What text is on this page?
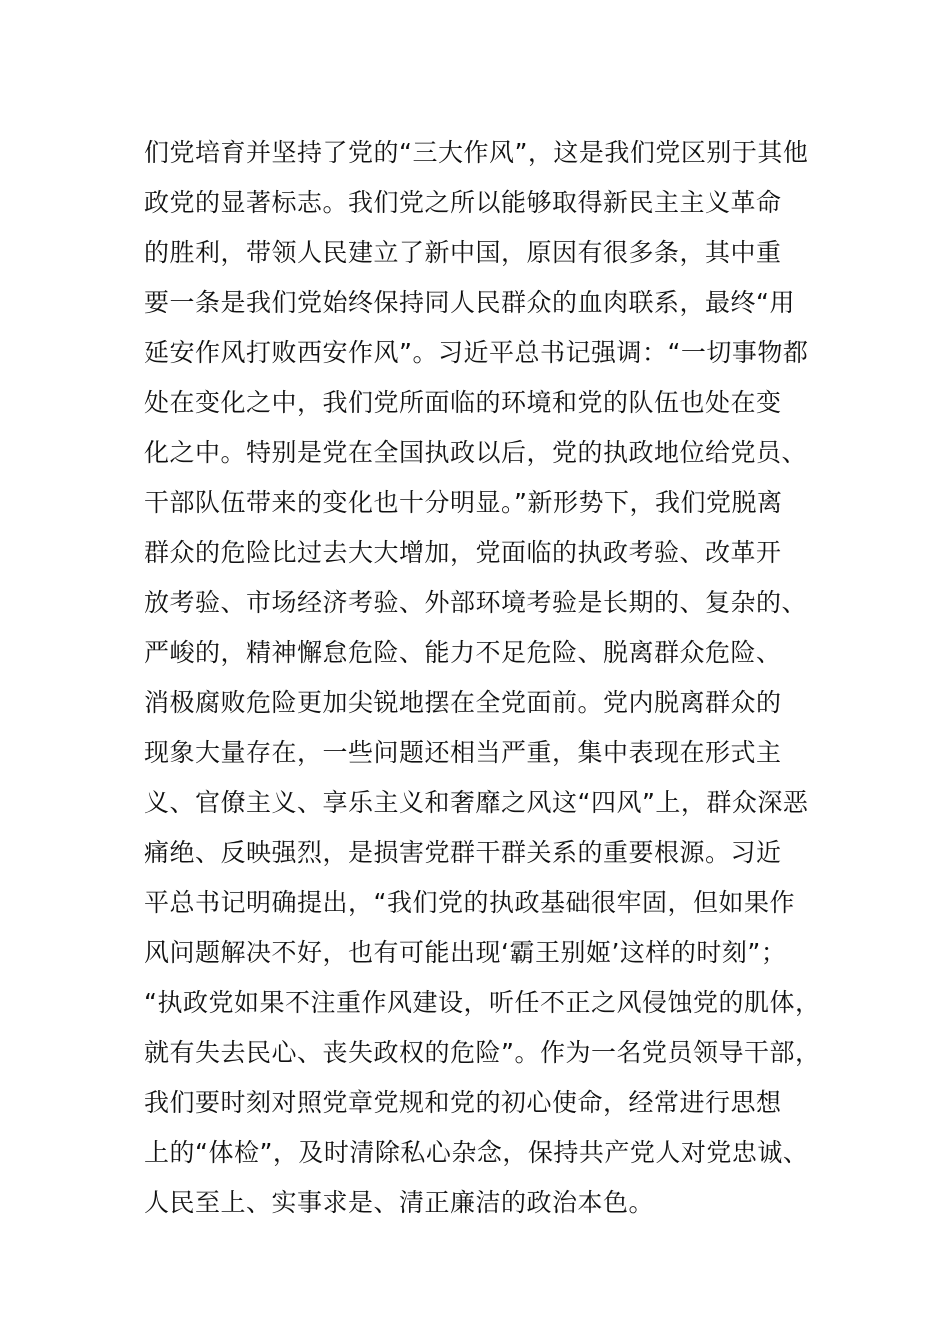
们党培育并坚持了党的“三大作风”，这是我们党区别于其他
政党的显著标志。我们党之所以能够取得新民主主义革命
的胜利，带领人民建立了新中国，原因有很多条，其中重
要一条是我们党始终保持同人民群众的血肉联系，最终“用
延安作风打败西安作风”。习近平总书记强调：“一切事物都
处在变化之中，我们党所面临的环境和党的队伍也处在变
化之中。特别是党在全国执政以后，党的执政地位给党员、
干部队伍带来的变化也十分明显。”新形势下，我们党脱离
群众的危险比过去大大增加，党面临的执政考验、改革开
放考验、市场经济考验、外部环境考验是长期的、复杂的、
严峻的，精神懈怠危险、能力不足危险、脱离群众危险、
消极腐败危险更加尖锐地摆在全党面前。党内脱离群众的
现象大量存在，一些问题还相当严重，集中表现在形式主
义、官僚主义、享乐主义和奢靡之风这“四风”上，群众深恶
痛绝、反映强烈，是损害党群干群关系的重要根源。习近
平总书记明确提出，“我们党的执政基础很牢固，但如果作
风问题解决不好，也有可能出现‘霸王别姬’这样的时刻”；
“执政党如果不注重作风建设，听任不正之风侵蚀党的肌体，
就有失去民心、丧失政权的危险”。作为一名党员领导干部，
我们要时刻对照党章党规和党的初心使命，经常进行思想
上的“体检”，及时清除私心杂念，保持共产党人对党忠诚、
人民至上、实事求是、清正廉洁的政治本色。
